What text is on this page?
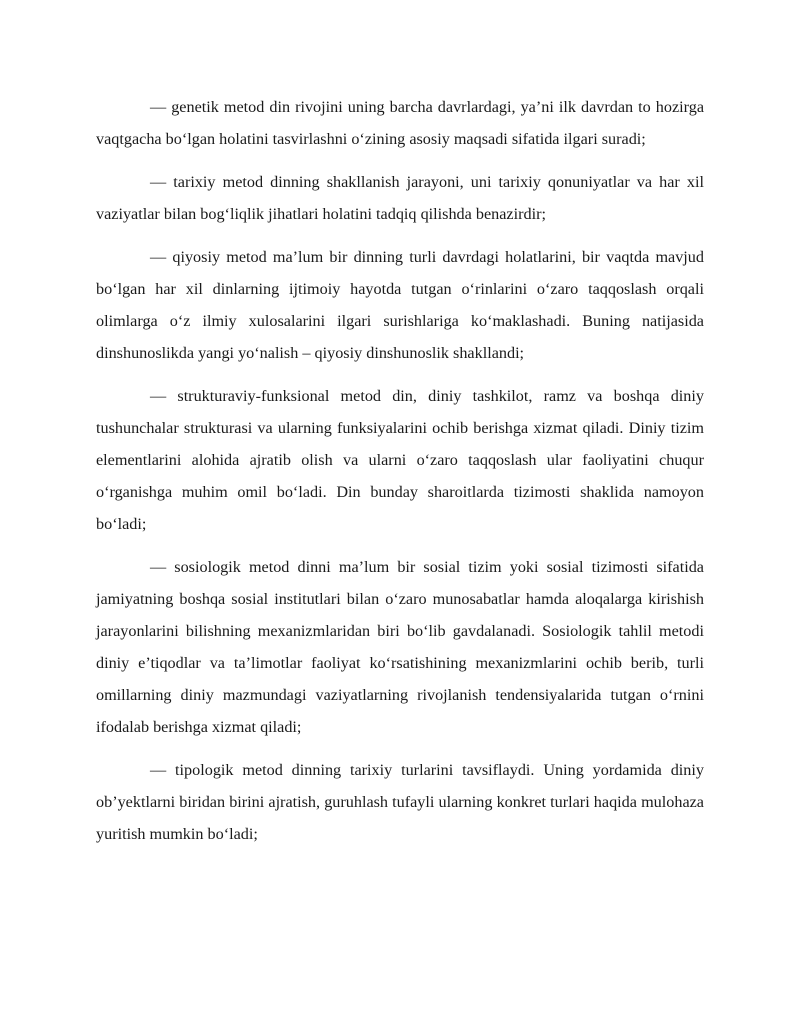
— genetik metod din rivojini uning barcha davrlardagi, ya’ni ilk davrdan to hozirga vaqtgacha bo‘lgan holatini tasvirlashni o‘zining asosiy maqsadi sifatida ilgari suradi;

— tarixiy metod dinning shakllanish jarayoni, uni tarixiy qonuniyatlar va har xil vaziyatlar bilan bog‘liqlik jihatlari holatini tadqiq qilishda benazirdir;

— qiyosiy metod ma’lum bir dinning turli davrdagi holatlarini, bir vaqtda mavjud bo‘lgan har xil dinlarning ijtimoiy hayotda tutgan o‘rinlarini o‘zaro taqqoslash orqali olimlarga o‘z ilmiy xulosalarini ilgari surishlariga ko‘maklashadi. Buning natijasida dinshunoslikda yangi yo‘nalish – qiyosiy dinshunoslik shakllandi;

— strukturaviy-funksional metod din, diniy tashkilot, ramz va boshqa diniy tushunchalar strukturasi va ularning funksiyalarini ochib berishga xizmat qiladi. Diniy tizim elementlarini alohida ajratib olish va ularni o‘zaro taqqoslash ular faoliyatini chuqur o‘rganishga muhim omil bo‘ladi. Din bunday sharoitlarda tizimosti shaklida namoyon bo‘ladi;

— sosiologik metod dinni ma’lum bir sosial tizim yoki sosial tizimosti sifatida jamiyatning boshqa sosial institutlari bilan o‘zaro munosabatlar hamda aloqalarga kirishish jarayonlarini bilishning mexanizmlaridan biri bo‘lib gavdalanadi. Sosiologik tahlil metodi diniy e’tiqodlar va ta’limotlar faoliyat ko‘rsatishining mexanizmlarini ochib berib, turli omillarning diniy mazmundagi vaziyatlarning rivojlanish tendensiyalarida tutgan o‘rnini ifodalab berishga xizmat qiladi;

— tipologik metod dinning tarixiy turlarini tavsiflaydi. Uning yordamida diniy ob’yektlarni biridan birini ajratish, guruhlash tufayli ularning konkret turlari haqida mulohaza yuritish mumkin bo‘ladi;
